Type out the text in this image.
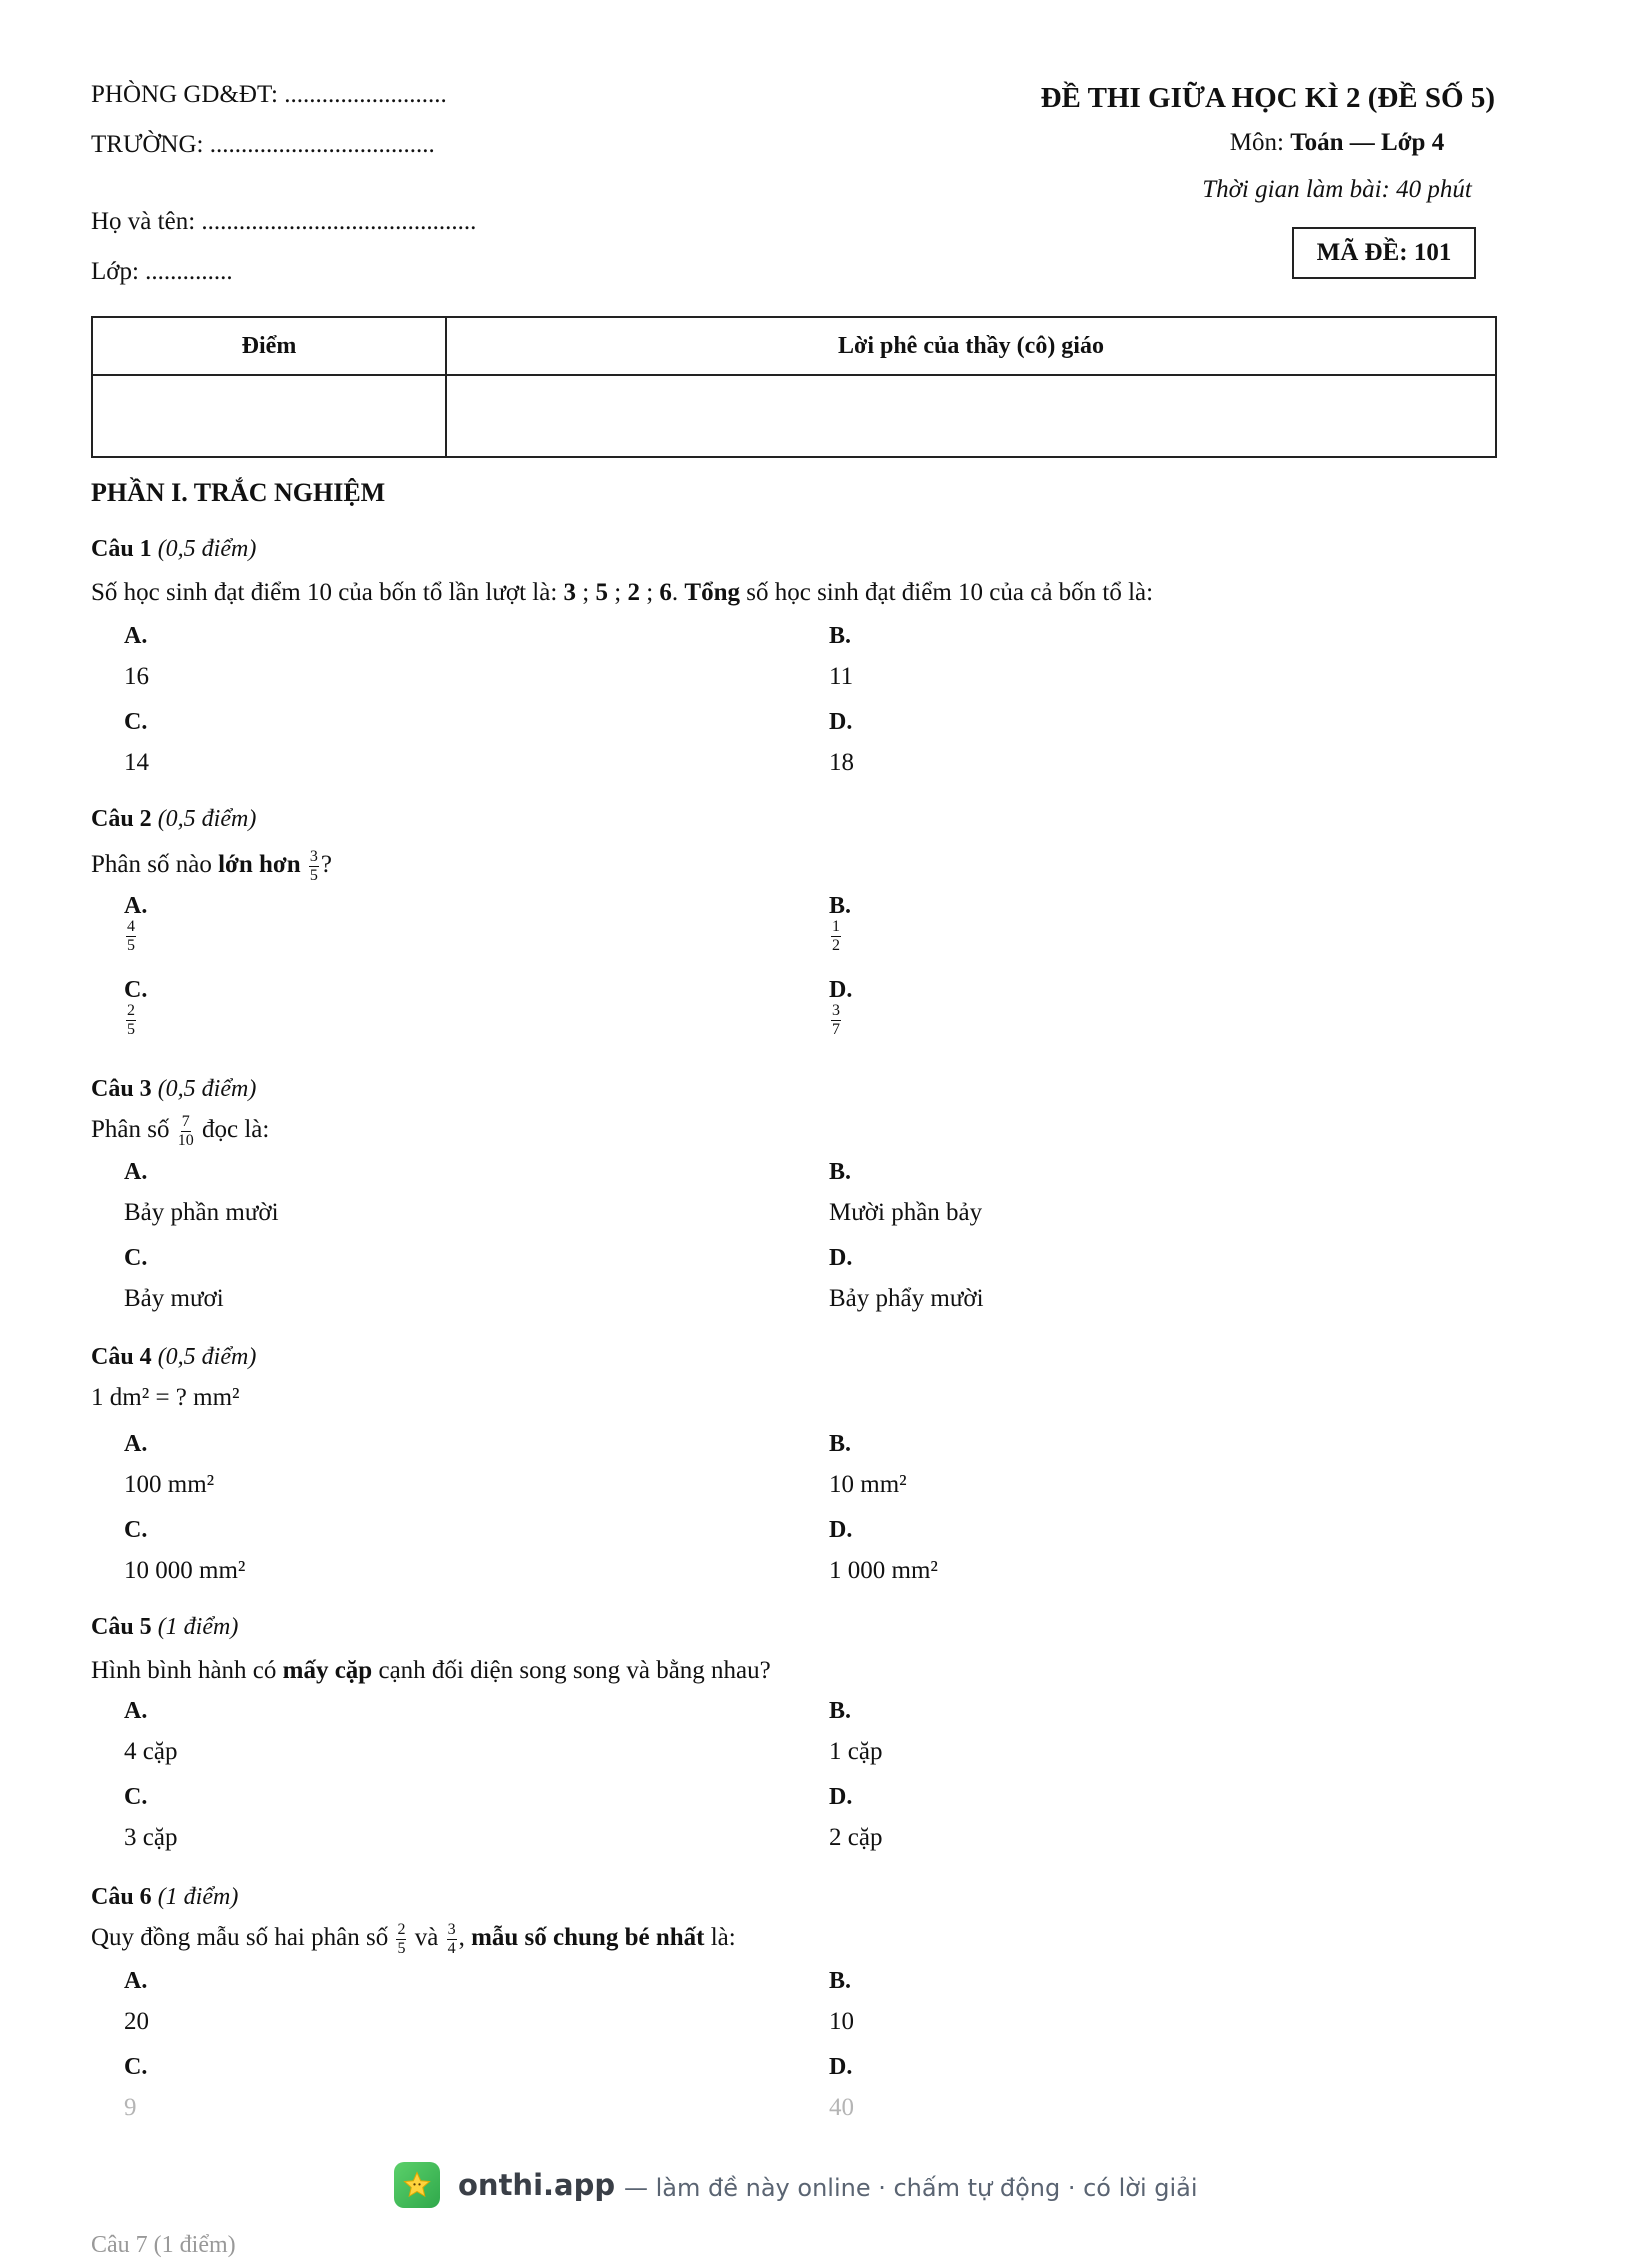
PHÒNG GD&ĐT: ..........................
TRƯỜNG: ....................................
Họ và tên: ............................................
Lớp: ..............
ĐỀ THI GIỮA HỌC KÌ 2 (ĐỀ SỐ 5)
Môn: Toán — Lớp 4
Thời gian làm bài: 40 phút
MÃ ĐỀ: 101
Điểm	Lời phê của thầy (cô) giáo

PHẦN I. TRẮC NGHIỆM
Câu 1 (0,5 điểm)
Số học sinh đạt điểm 10 của bốn tổ lần lượt là: 3 ; 5 ; 2 ; 6. Tổng số học sinh đạt điểm 10 của cả bốn tổ là:
A.
16
B.
11
C.
14
D.
18
Câu 2 (0,5 điểm)
Phân số nào lớn hơn $\frac{3}{5}$ ?
A.
$\frac{4}{5}$
B.
$\frac{1}{2}$
C.
$\frac{2}{5}$
D.
$\frac{3}{7}$
Câu 3 (0,5 điểm)
Phân số $\frac{7}{10}$ đọc là:
A.
Bảy phần mười
B.
Mười phần bảy
C.
Bảy mươi
D.
Bảy phẩy mười
Câu 4 (0,5 điểm)
1 dm² = ? mm²
A.
100 mm²
B.
10 mm²
C.
10 000 mm²
D.
1 000 mm²
Câu 5 (1 điểm)
Hình bình hành có mấy cặp cạnh đối diện song song và bằng nhau?
A.
4 cặp
B.
1 cặp
C.
3 cặp
D.
2 cặp
Câu 6 (1 điểm)
Quy đồng mẫu số hai phân số $\frac{2}{5}$ và $\frac{3}{4}$ , mẫu số chung bé nhất là:
A.
20
B.
10
C.
9
D.
40
onthi.app — làm đề này online · chấm tự động · có lời giải
Câu 7 (1 điểm)
